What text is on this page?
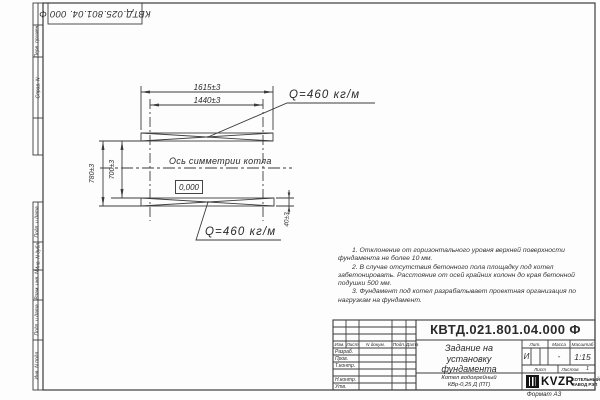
КВТД.025.801.04. 000 Ф
Перв. примен.
Справ. N
Подп. и дата
Инв. N дубл.
Взам. инв. N
Подп. и дата
Инв. N подл.
1615±3
1440±3	Q=460 кг/м
Q=460 кг/м
Ось симметрии котла
0,000
780±3 700±3
40±3
1. Отклонение от горизонтального уровня верхней поверхности
фундамента не более 10 мм.
2. В случае отсутствия бетонного пола площадку под котел
забетонировать. Расстояние от осей крайних колонн до края бетонной
подушки 500 мм.
3. Фундамент под котел разрабатывает проектная организация по
нагрузкам на фундамент.
КВТД.021.801.04.000 Ф
Изм. Лист	N докум.	Подп. Дата
Разраб.
Пров.
Т.контр.
Н.контр.
Утв.
Задание на
установку
фундамента
Котел водогрейный
КВр-0,25 Д (ПТ)
Лит.	Масса	Масштаб
И	-	1:15
Лист	Листов	1
KVZR
КОТЕЛЬНЫЙ
ЗАВОД РЭП
Формат А3
